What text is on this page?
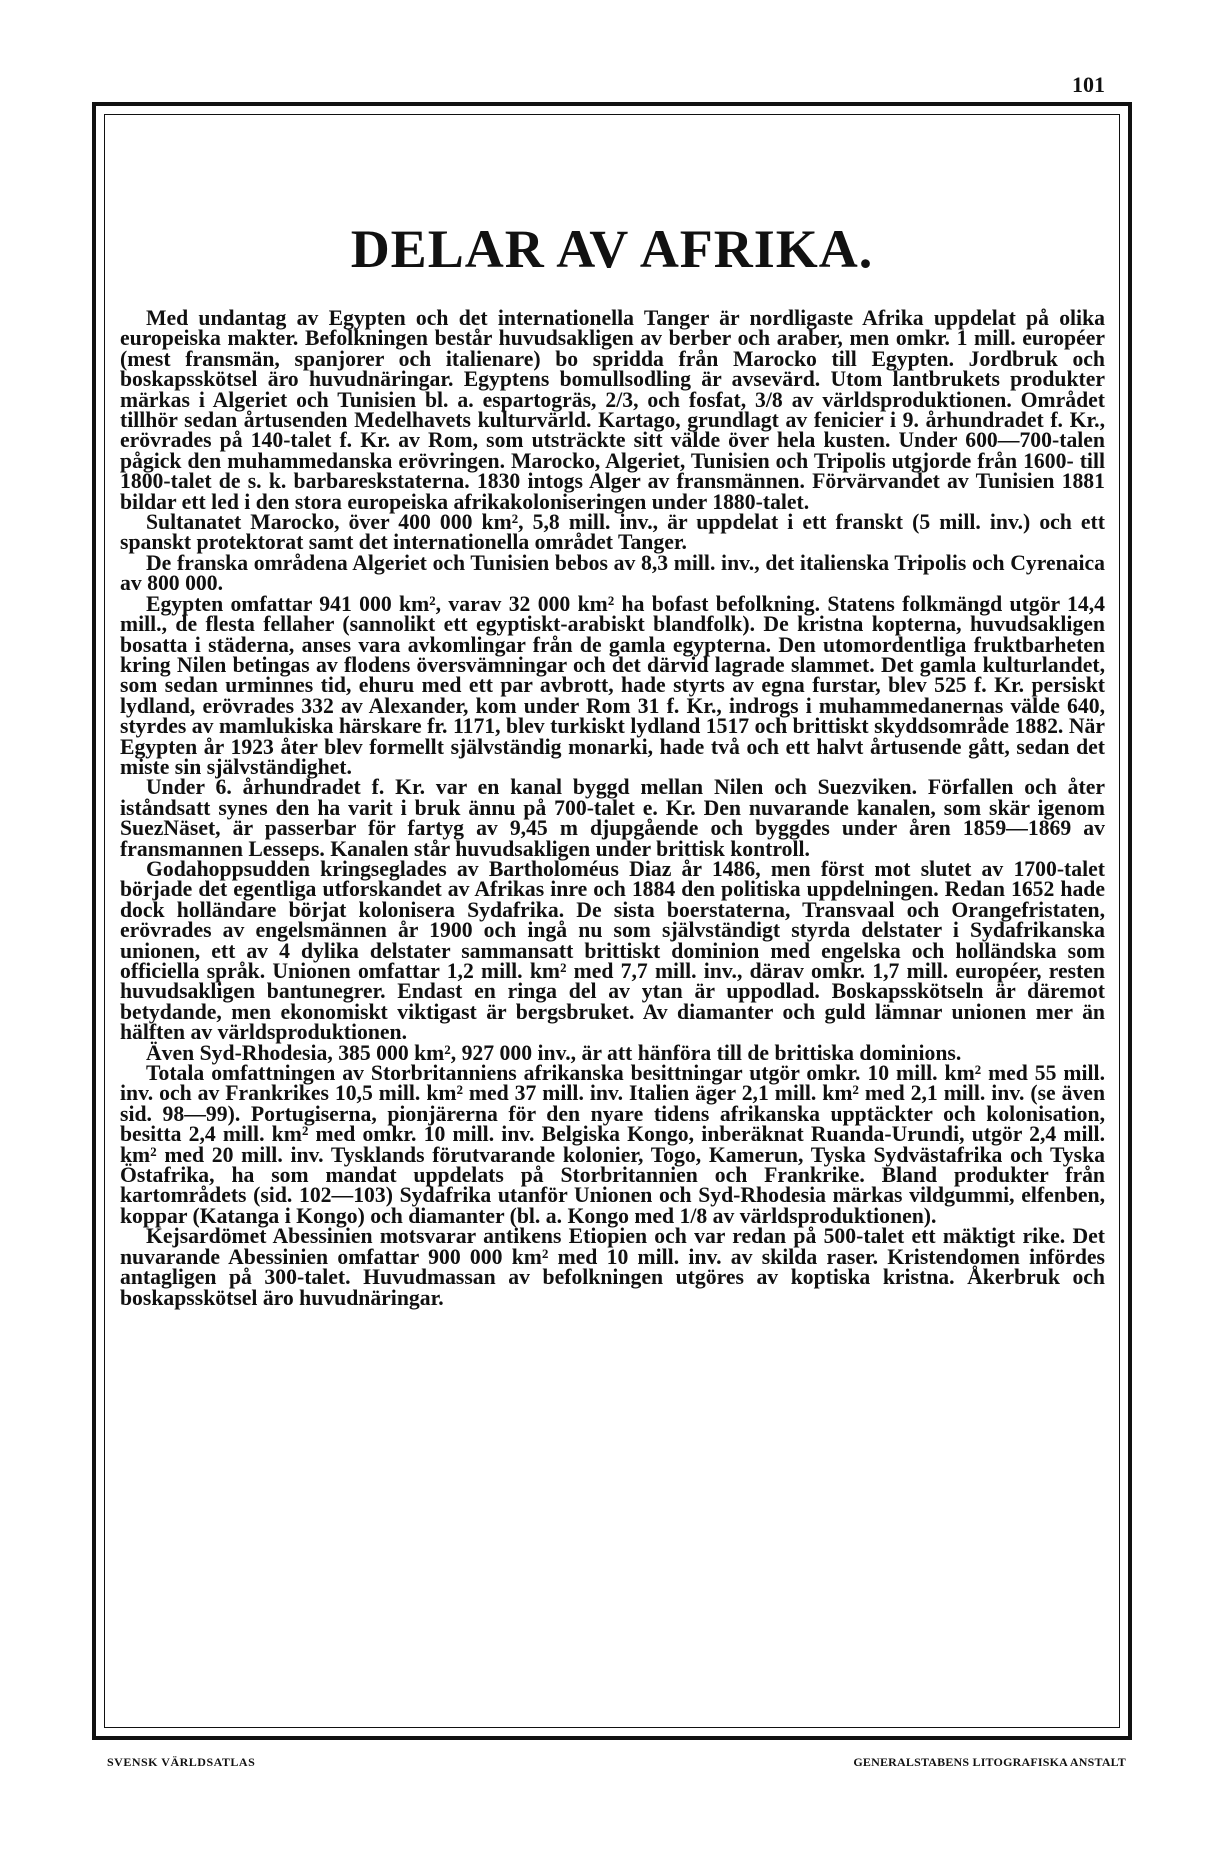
101
DELAR AV AFRIKA.

Med undantag av Egypten och det internationella Tanger är nordligaste Afrika uppdelat på olika europeiska makter. Befolkningen består huvudsakligen av berber och araber, men omkr. 1 mill. européer (mest fransmän, spanjorer och italienare) bo spridda från Marocko till Egypten. Jordbruk och boskapsskötsel äro huvudnäringar. Egyptens bomullsodling är avsevärd. Utom lantbrukets produkter märkas i Algeriet och Tunisien bl. a. espartogräs, 2/3, och fosfat, 3/8 av världsproduktionen. Området tillhör sedan årtusenden Medelhavets kulturvärld. Kartago, grundlagt av fenicier i 9. århundradet f. Kr., erövrades på 140-talet f. Kr. av Rom, som utsträckte sitt välde över hela kusten. Under 600—700-talen pågick den muhammedanska erövringen. Marocko, Algeriet, Tunisien och Tripolis utgjorde från 1600- till 1800-talet de s. k. barbareskstaterna. 1830 intogs Alger av fransmännen. Förvärvandet av Tunisien 1881 bildar ett led i den stora europeiska afrikakoloniseringen under 1880-talet.

Sultanatet Marocko, över 400 000 km², 5,8 mill. inv., är uppdelat i ett franskt (5 mill. inv.) och ett spanskt protektorat samt det internationella området Tanger.

De franska områdena Algeriet och Tunisien bebos av 8,3 mill. inv., det italienska Tripolis och Cyrenaica av 800 000.

Egypten omfattar 941 000 km², varav 32 000 km² ha bofast befolkning. Statens folkmängd utgör 14,4 mill., de flesta fellaher (sannolikt ett egyptiskt-arabiskt blandfolk). De kristna kopterna, huvudsakligen bosatta i städerna, anses vara avkomlingar från de gamla egypterna. Den utomordentliga fruktbarheten kring Nilen betingas av flodens översvämningar och det därvid lagrade slammet. Det gamla kulturlandet, som sedan urminnes tid, ehuru med ett par avbrott, hade styrts av egna furstar, blev 525 f. Kr. persiskt lydland, erövrades 332 av Alexander, kom under Rom 31 f. Kr., indrogs i muhammedanernas välde 640, styrdes av mamlukiska härskare fr. 1171, blev turkiskt lydland 1517 och brittiskt skyddsområde 1882. När Egypten år 1923 åter blev formellt självständig monarki, hade två och ett halvt årtusende gått, sedan det miste sin självständighet.

Under 6. århundradet f. Kr. var en kanal byggd mellan Nilen och Suezviken. Förfallen och åter iståndsatt synes den ha varit i bruk ännu på 700-talet e. Kr. Den nuvarande kanalen, som skär igenom SuezNäset, är passerbar för fartyg av 9,45 m djupgående och byggdes under åren 1859—1869 av fransmannen Lesseps. Kanalen står huvudsakligen under brittisk kontroll.

Godahoppsudden kringseglades av Bartholoméus Diaz år 1486, men först mot slutet av 1700-talet började det egentliga utforskandet av Afrikas inre och 1884 den politiska uppdelningen. Redan 1652 hade dock holländare börjat kolonisera Sydafrika. De sista boerstaterna, Transvaal och Orangefristaten, erövrades av engelsmännen år 1900 och ingå nu som självständigt styrda delstater i Sydafrikanska unionen, ett av 4 dylika delstater sammansatt brittiskt dominion med engelska och holländska som officiella språk. Unionen omfattar 1,2 mill. km² med 7,7 mill. inv., därav omkr. 1,7 mill. européer, resten huvudsakligen bantunegrer. Endast en ringa del av ytan är uppodlad. Boskapsskötseln är däremot betydande, men ekonomiskt viktigast är bergsbruket. Av diamanter och guld lämnar unionen mer än hälften av världsproduktionen.

Även Syd-Rhodesia, 385 000 km², 927 000 inv., är att hänföra till de brittiska dominions.

Totala omfattningen av Storbritanniens afrikanska besittningar utgör omkr. 10 mill. km² med 55 mill. inv. och av Frankrikes 10,5 mill. km² med 37 mill. inv. Italien äger 2,1 mill. km² med 2,1 mill. inv. (se även sid. 98—99). Portugiserna, pionjärerna för den nyare tidens afrikanska upptäckter och kolonisation, besitta 2,4 mill. km² med omkr. 10 mill. inv. Belgiska Kongo, inberäknat Ruanda-Urundi, utgör 2,4 mill. km² med 20 mill. inv. Tysklands förutvarande kolonier, Togo, Kamerun, Tyska Sydvästafrika och Tyska Östafrika, ha som mandat uppdelats på Storbritannien och Frankrike. Bland produkter från kartområdets (sid. 102—103) Sydafrika utanför Unionen och Syd-Rhodesia märkas vildgummi, elfenben, koppar (Katanga i Kongo) och diamanter (bl. a. Kongo med 1/8 av världsproduktionen).

Kejsardömet Abessinien motsvarar antikens Etiopien och var redan på 500-talet ett mäktigt rike. Det nuvarande Abessinien omfattar 900 000 km² med 10 mill. inv. av skilda raser. Kristendomen infördes antagligen på 300-talet. Huvudmassan av befolkningen utgöres av koptiska kristna. Åkerbruk och boskapsskötsel äro huvudnäringar.

SVENSK VÄRLDSATLAS	GENERALSTABENS LITOGRAFISKA ANSTALT
